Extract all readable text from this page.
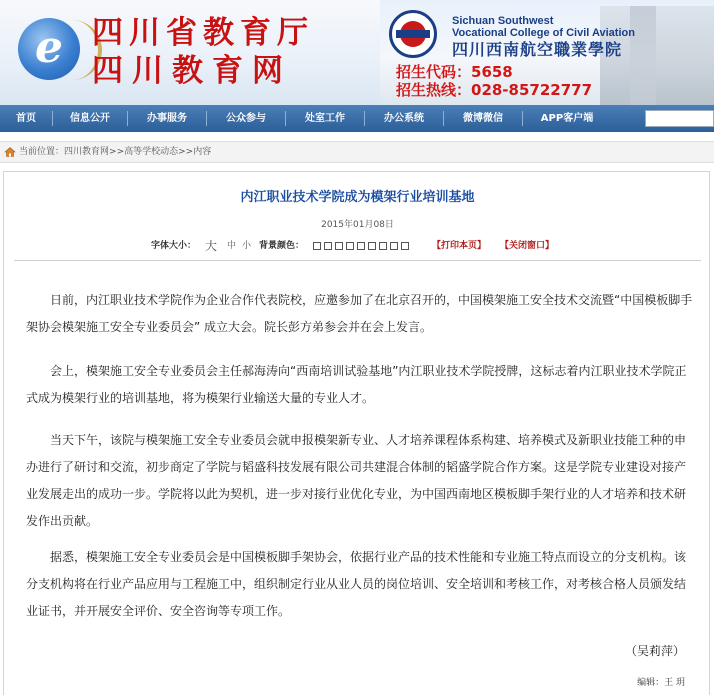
e 四川省教育厅
四川教育网
Sichuan Southwest
Vocational College of Civil Aviation
四川西南航空職業學院
招生代码：5658
招生热线：028-85722777
首页	信息公开	办事服务	公众参与	处室工作	办公系统	微博微信	APP客户端
当前位置：四川教育网>>高等学校动态>>内容
内江职业技术学院成为模架行业培训基地
2015年01月08日
字体大小： 大 中 小 背景颜色：	【打印本页】 【关闭窗口】

日前，内江职业技术学院作为企业合作代表院校，应邀参加了在北京召开的，中国模架施工安全技术交流暨“中国模板脚手架协会模架施工安全专业委员会” 成立大会。院长彭方弟参会并在会上发言。

会上，模架施工安全专业委员会主任郝海涛向“西南培训试验基地”内江职业技术学院授牌，这标志着内江职业技术学院正式成为模架行业的培训基地，将为模架行业输送大量的专业人才。

当天下午，该院与模架施工安全专业委员会就申报模架新专业、人才培养课程体系构建、培养模式及新职业技能工种的申办进行了研讨和交流，初步商定了学院与韬盛科技发展有限公司共建混合体制的韬盛学院合作方案。这是学院专业建设对接产业发展走出的成功一步。学院将以此为契机，进一步对接行业优化专业，为中国西南地区模板脚手架行业的人才培养和技术研发作出贡献。

据悉，模架施工安全专业委员会是中国模板脚手架协会，依据行业产品的技术性能和专业施工特点而设立的分支机构。该分支机构将在行业产品应用与工程施工中，组织制定行业从业人员的岗位培训、安全培训和考核工作，对考核合格人员颁发结业证书，并开展安全评价、安全咨询等专项工作。

（吴莉萍）
编辑：王 玥
